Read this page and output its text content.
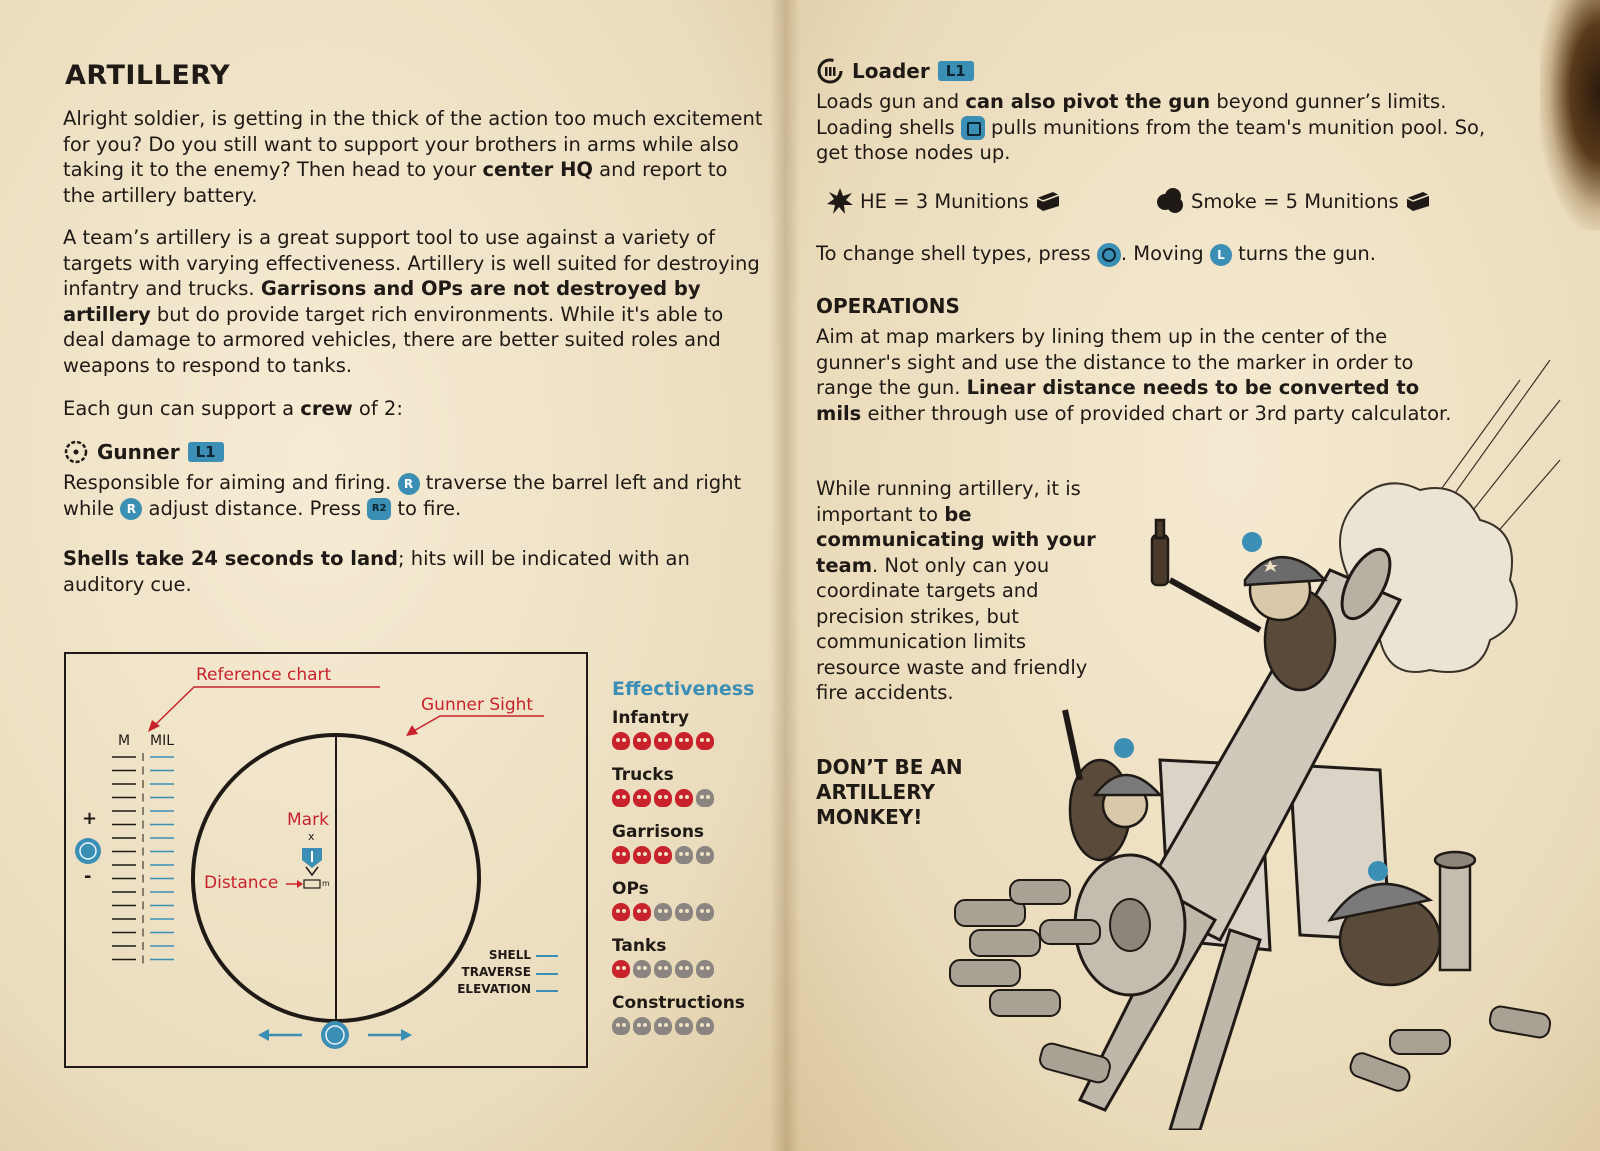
ARTILLERY

Alright soldier, is getting in the thick of the action too much excitement for you? Do you still want to support your brothers in arms while also taking it to the enemy? Then head to your center HQ and report to the artillery battery.

A team’s artillery is a great support tool to use against a variety of targets with varying effectiveness. Artillery is well suited for destroying infantry and trucks. Garrisons and OPs are not destroyed by artillery but do provide target rich environments. While it's able to deal damage to armored vehicles, there are better suited roles and weapons to respond to tanks.

Each gun can support a crew of 2:

Gunner	L1

Responsible for aiming and firing. R traverse the barrel left and right while R adjust distance. Press R2 to fire.

Shells take 24 seconds to land; hits will be indicated with an auditory cue.

Reference chart
Gunner Sight
M MIL
+
-
Mark
x
Distance	m
SHELL
TRAVERSE
ELEVATION
Effectiveness
Infantry
Trucks
Garrisons
OPs
Tanks
Constructions
Loader	L1

Loads gun and can also pivot the gun beyond gunner’s limits. Loading shells  pulls munitions from the team's munition pool. So, get those nodes up.

HE = 3 Munitions	Smoke = 5 Munitions

To change shell types, press . Moving L turns the gun.

OPERATIONS

Aim at map markers by lining them up in the center of the gunner's sight and use the distance to the marker in order to range the gun. Linear distance needs to be converted to mils either through use of provided chart or 3rd party calculator.

While running artillery, it is important to be communicating with your team. Not only can you coordinate targets and precision strikes, but communication limits resource waste and friendly fire accidents.

DON’T BE AN ARTILLERY MONKEY!
